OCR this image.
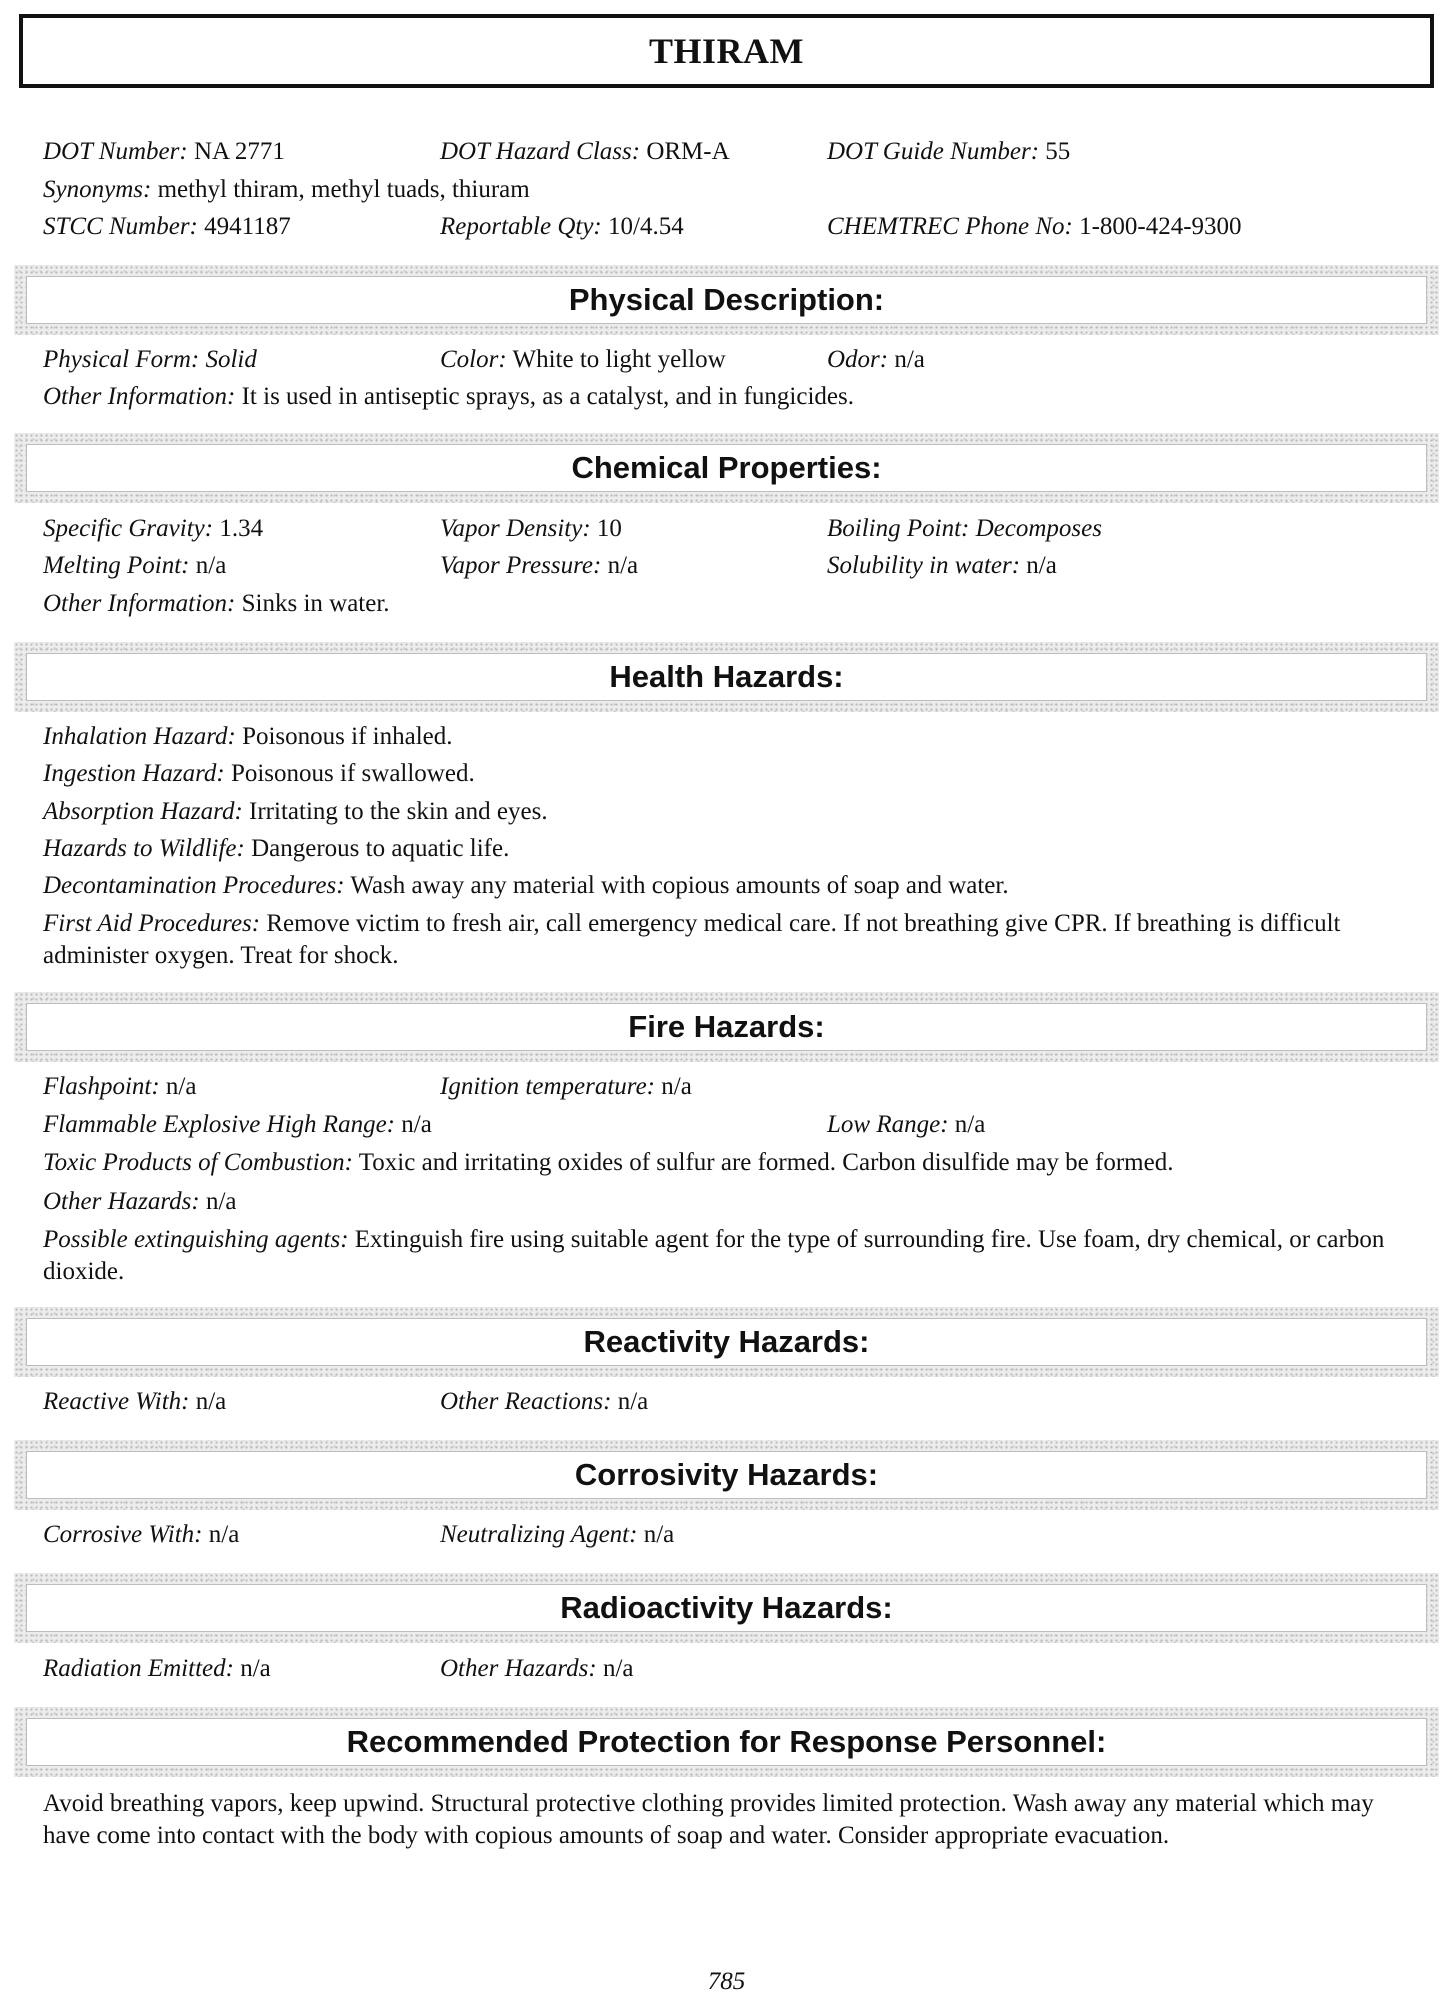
THIRAM
DOT Number: NA 2771	DOT Hazard Class: ORM-A	DOT Guide Number: 55
Synonyms: methyl thiram, methyl tuads, thiuram
STCC Number: 4941187	Reportable Qty: 10/4.54	CHEMTREC Phone No: 1-800-424-9300
Physical Description:
Physical Form: Solid	Color: White to light yellow	Odor: n/a
Other Information: It is used in antiseptic sprays, as a catalyst, and in fungicides.
Chemical Properties:
Specific Gravity: 1.34	Vapor Density: 10	Boiling Point: Decomposes
Melting Point: n/a	Vapor Pressure: n/a	Solubility in water: n/a
Other Information: Sinks in water.
Health Hazards:
Inhalation Hazard: Poisonous if inhaled.
Ingestion Hazard: Poisonous if swallowed.
Absorption Hazard: Irritating to the skin and eyes.
Hazards to Wildlife: Dangerous to aquatic life.
Decontamination Procedures: Wash away any material with copious amounts of soap and water.
First Aid Procedures: Remove victim to fresh air, call emergency medical care. If not breathing give CPR. If breathing is difficult administer oxygen. Treat for shock.
Fire Hazards:
Flashpoint: n/a	Ignition temperature: n/a
Flammable Explosive High Range: n/a	Low Range: n/a
Toxic Products of Combustion: Toxic and irritating oxides of sulfur are formed. Carbon disulfide may be formed.
Other Hazards: n/a
Possible extinguishing agents: Extinguish fire using suitable agent for the type of surrounding fire. Use foam, dry chemical, or carbon dioxide.
Reactivity Hazards:
Reactive With: n/a	Other Reactions: n/a
Corrosivity Hazards:
Corrosive With: n/a	Neutralizing Agent: n/a
Radioactivity Hazards:
Radiation Emitted: n/a	Other Hazards: n/a
Recommended Protection for Response Personnel:
Avoid breathing vapors, keep upwind. Structural protective clothing provides limited protection. Wash away any material which may have come into contact with the body with copious amounts of soap and water. Consider appropriate evacuation.
785
